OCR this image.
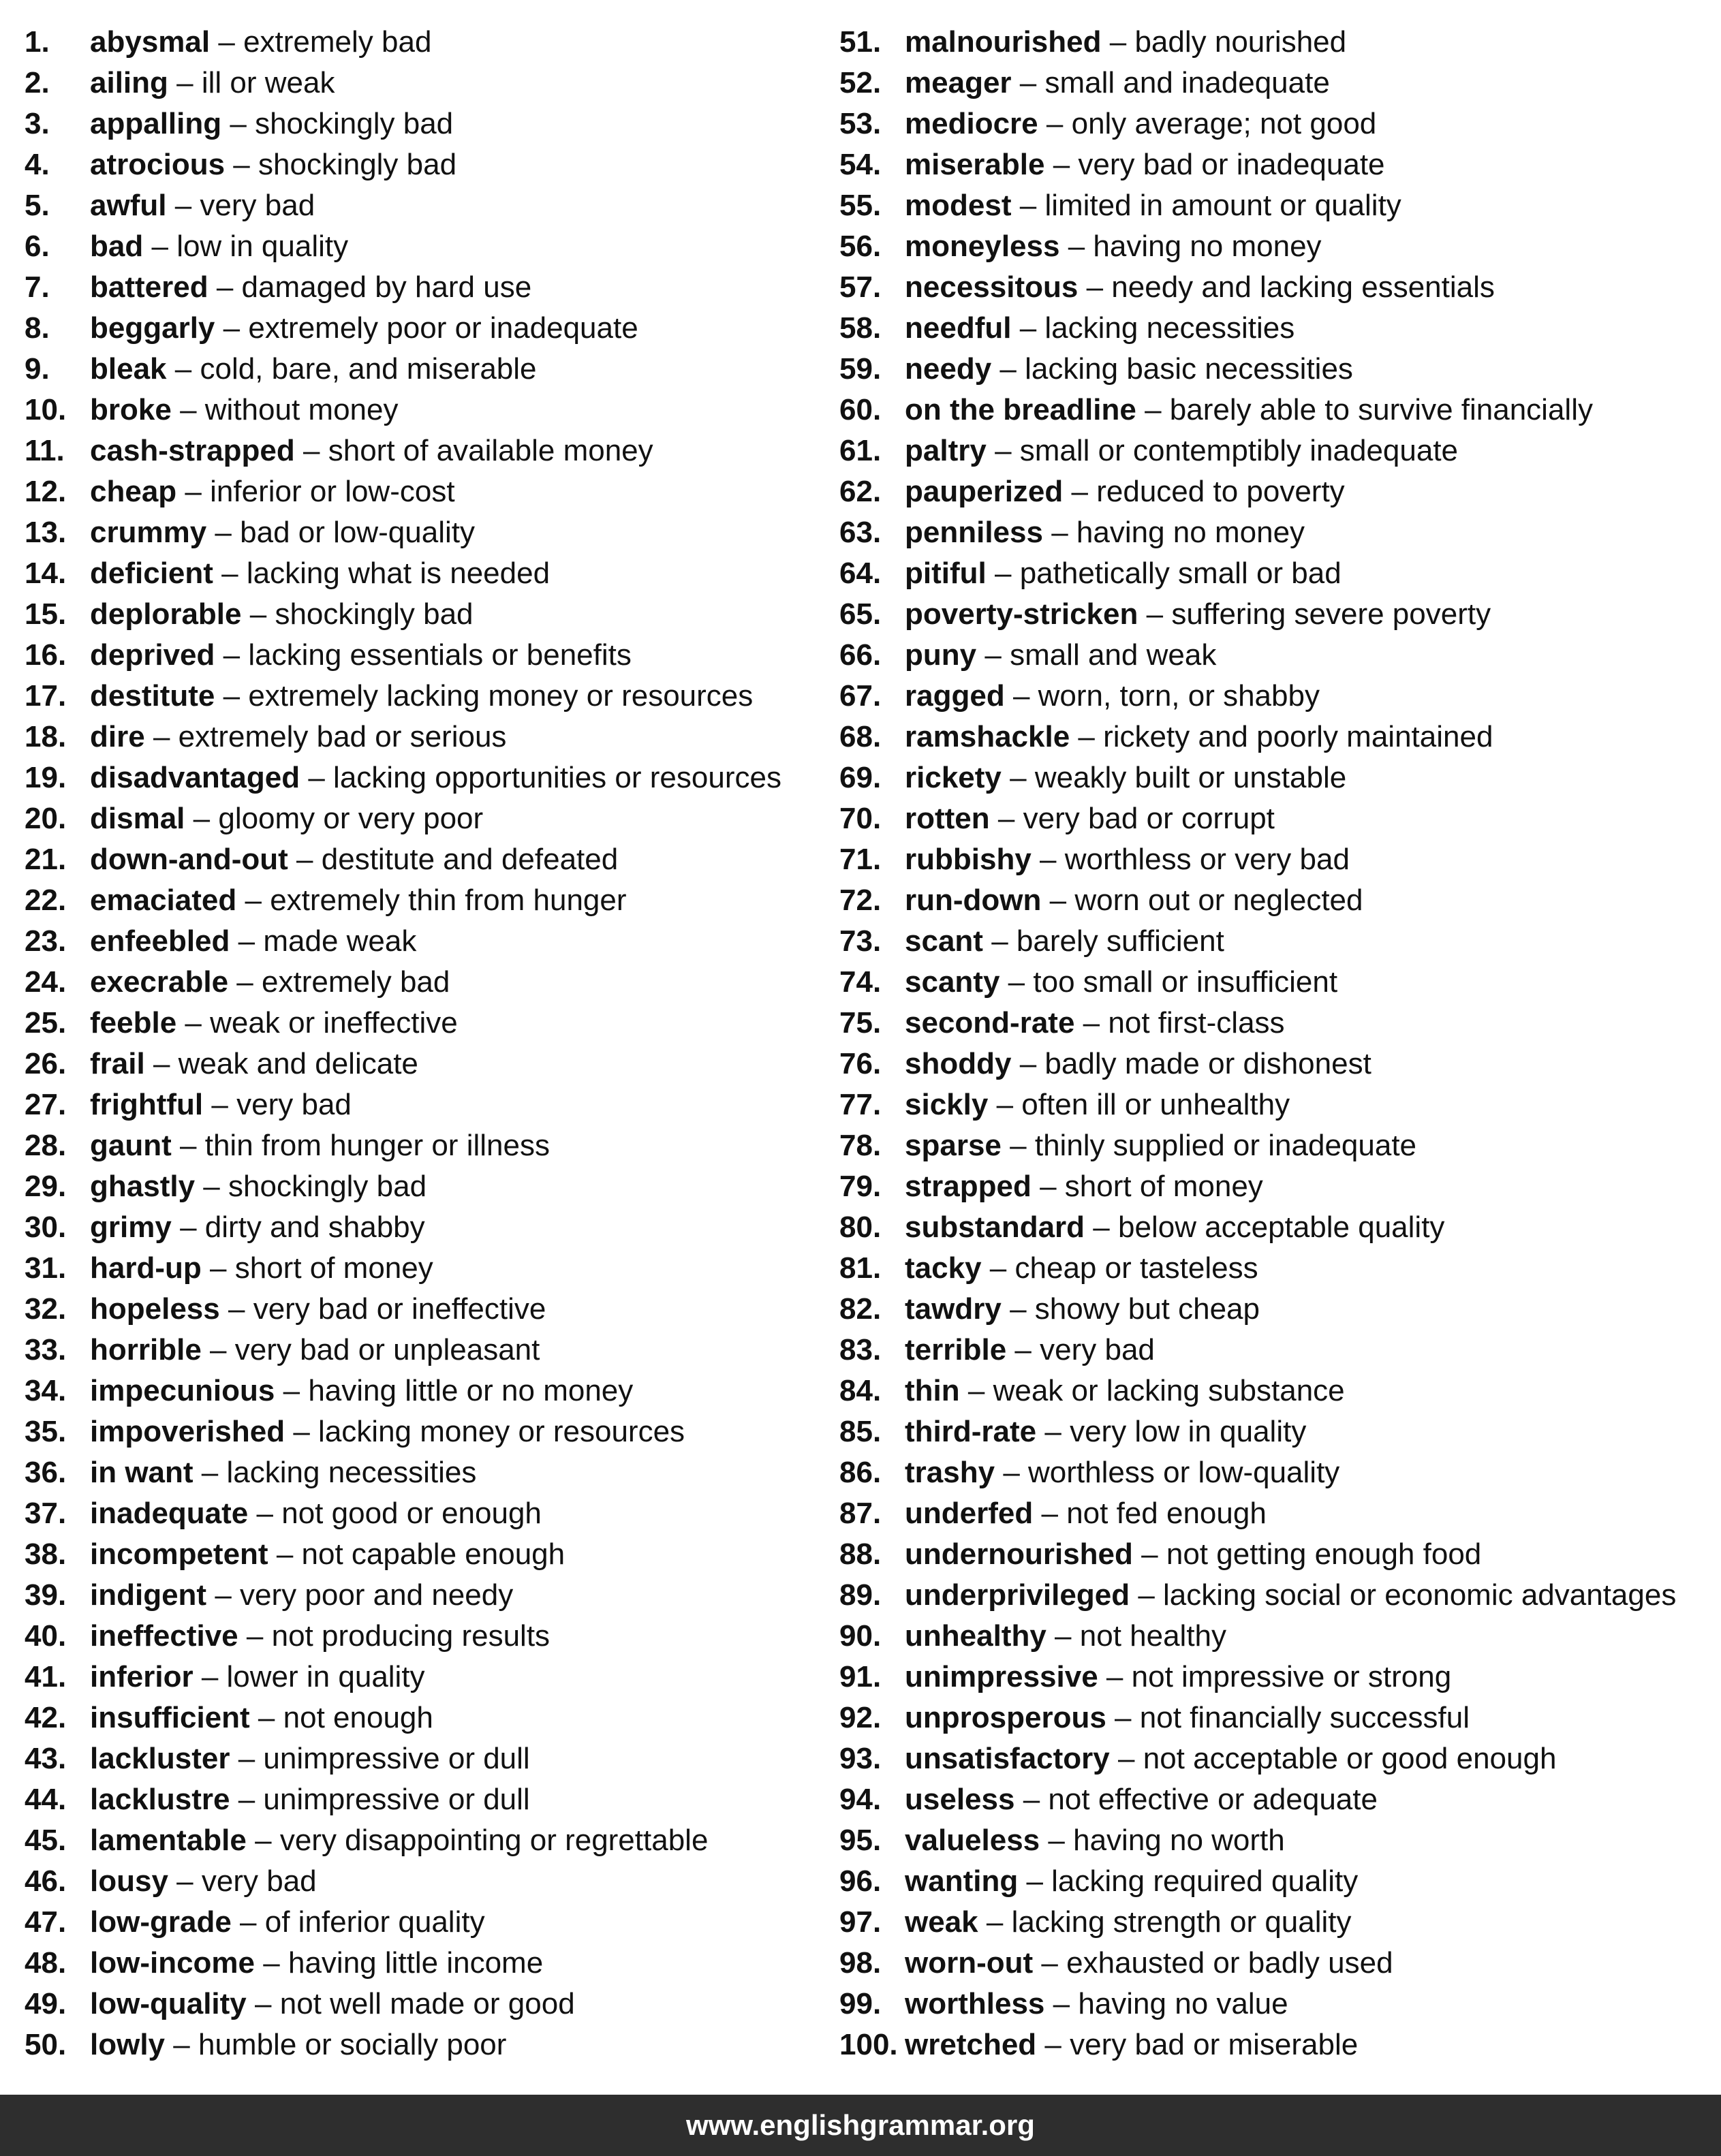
1. abysmal – extremely bad
2. ailing – ill or weak
3. appalling – shockingly bad
4. atrocious – shockingly bad
5. awful – very bad
6. bad – low in quality
7. battered – damaged by hard use
8. beggarly – extremely poor or inadequate
9. bleak – cold, bare, and miserable
10. broke – without money
11. cash-strapped – short of available money
12. cheap – inferior or low-cost
13. crummy – bad or low-quality
14. deficient – lacking what is needed
15. deplorable – shockingly bad
16. deprived – lacking essentials or benefits
17. destitute – extremely lacking money or resources
18. dire – extremely bad or serious
19. disadvantaged – lacking opportunities or resources
20. dismal – gloomy or very poor
21. down-and-out – destitute and defeated
22. emaciated – extremely thin from hunger
23. enfeebled – made weak
24. execrable – extremely bad
25. feeble – weak or ineffective
26. frail – weak and delicate
27. frightful – very bad
28. gaunt – thin from hunger or illness
29. ghastly – shockingly bad
30. grimy – dirty and shabby
31. hard-up – short of money
32. hopeless – very bad or ineffective
33. horrible – very bad or unpleasant
34. impecunious – having little or no money
35. impoverished – lacking money or resources
36. in want – lacking necessities
37. inadequate – not good or enough
38. incompetent – not capable enough
39. indigent – very poor and needy
40. ineffective – not producing results
41. inferior – lower in quality
42. insufficient – not enough
43. lackluster – unimpressive or dull
44. lacklustre – unimpressive or dull
45. lamentable – very disappointing or regrettable
46. lousy – very bad
47. low-grade – of inferior quality
48. low-income – having little income
49. low-quality – not well made or good
50. lowly – humble or socially poor
51. malnourished – badly nourished
52. meager – small and inadequate
53. mediocre – only average; not good
54. miserable – very bad or inadequate
55. modest – limited in amount or quality
56. moneyless – having no money
57. necessitous – needy and lacking essentials
58. needful – lacking necessities
59. needy – lacking basic necessities
60. on the breadline – barely able to survive financially
61. paltry – small or contemptibly inadequate
62. pauperized – reduced to poverty
63. penniless – having no money
64. pitiful – pathetically small or bad
65. poverty-stricken – suffering severe poverty
66. puny – small and weak
67. ragged – worn, torn, or shabby
68. ramshackle – rickety and poorly maintained
69. rickety – weakly built or unstable
70. rotten – very bad or corrupt
71. rubbishy – worthless or very bad
72. run-down – worn out or neglected
73. scant – barely sufficient
74. scanty – too small or insufficient
75. second-rate – not first-class
76. shoddy – badly made or dishonest
77. sickly – often ill or unhealthy
78. sparse – thinly supplied or inadequate
79. strapped – short of money
80. substandard – below acceptable quality
81. tacky – cheap or tasteless
82. tawdry – showy but cheap
83. terrible – very bad
84. thin – weak or lacking substance
85. third-rate – very low in quality
86. trashy – worthless or low-quality
87. underfed – not fed enough
88. undernourished – not getting enough food
89. underprivileged – lacking social or economic advantages
90. unhealthy – not healthy
91. unimpressive – not impressive or strong
92. unprosperous – not financially successful
93. unsatisfactory – not acceptable or good enough
94. useless – not effective or adequate
95. valueless – having no worth
96. wanting – lacking required quality
97. weak – lacking strength or quality
98. worn-out – exhausted or badly used
99. worthless – having no value
100. wretched – very bad or miserable
www.englishgrammar.org
